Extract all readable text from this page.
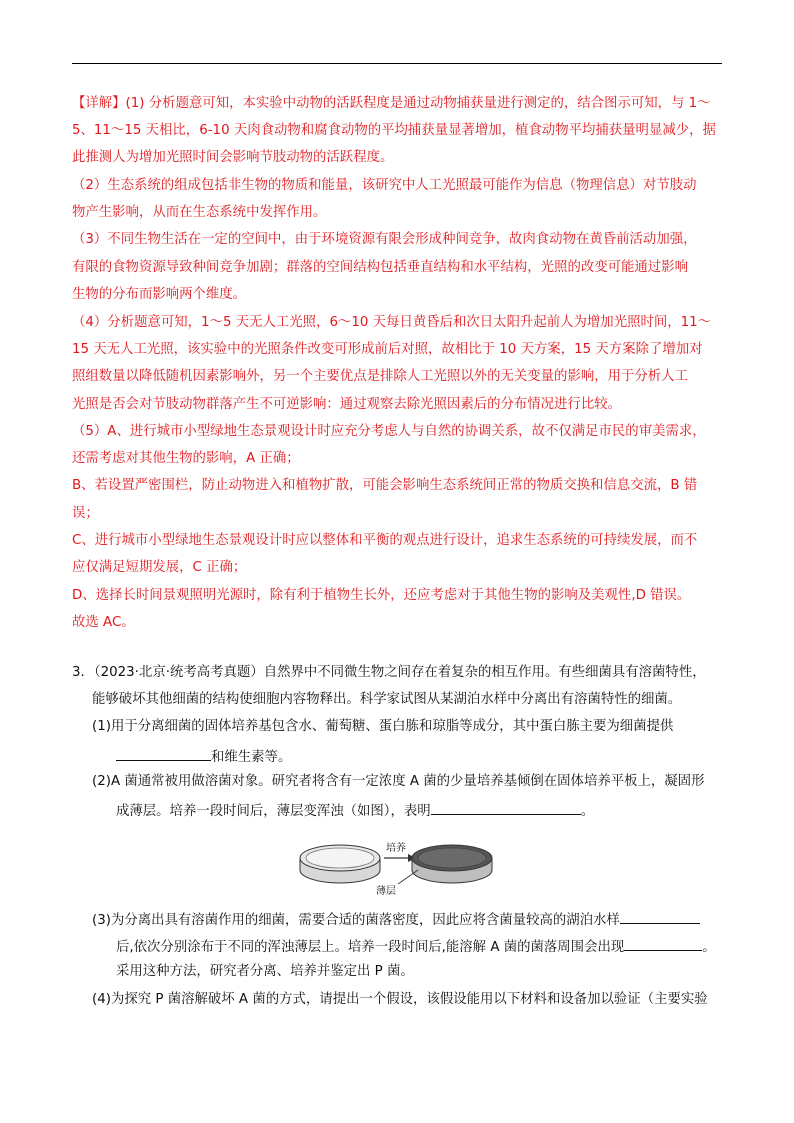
【详解】(1) 分析题意可知，本实验中动物的活跃程度是通过动物捕获量进行测定的，结合图示可知，与 1～
5、11～15 天相比，6-10 天肉食动物和腐食动物的平均捕获量显著增加，植食动物平均捕获量明显减少，据
此推测人为增加光照时间会影响节肢动物的活跃程度。
（2）生态系统的组成包括非生物的物质和能量，该研究中人工光照最可能作为信息（物理信息）对节肢动
物产生影响，从而在生态系统中发挥作用。
（3）不同生物生活在一定的空间中，由于环境资源有限会形成种间竞争，故肉食动物在黄昏前活动加强，
有限的食物资源导致种间竞争加剧；群落的空间结构包括垂直结构和水平结构，光照的改变可能通过影响
生物的分布而影响两个维度。
（4）分析题意可知，1～5 天无人工光照，6～10 天每日黄昏后和次日太阳升起前人为增加光照时间，11～
15 天无人工光照，该实验中的光照条件改变可形成前后对照，故相比于 10 天方案，15 天方案除了增加对
照组数量以降低随机因素影响外，另一个主要优点是排除人工光照以外的无关变量的影响，用于分析人工
光照是否会对节肢动物群落产生不可逆影响：通过观察去除光照因素后的分布情况进行比较。
（5）A、进行城市小型绿地生态景观设计时应充分考虑人与自然的协调关系，故不仅满足市民的审美需求，
还需考虑对其他生物的影响，A 正确；
B、若设置严密围栏，防止动物进入和植物扩散，可能会影响生态系统间正常的物质交换和信息交流，B 错
误；
C、进行城市小型绿地生态景观设计时应以整体和平衡的观点进行设计，追求生态系统的可持续发展，而不
应仅满足短期发展，C 正确；
D、选择长时间景观照明光源时，除有利于植物生长外，还应考虑对于其他生物的影响及美观性,D 错误。
故选 AC。
3．（2023·北京·统考高考真题）自然界中不同微生物之间存在着复杂的相互作用。有些细菌具有溶菌特性，
能够破坏其他细菌的结构使细胞内容物释出。科学家试图从某湖泊水样中分离出有溶菌特性的细菌。
(1)用于分离细菌的固体培养基包含水、葡萄糖、蛋白胨和琼脂等成分，其中蛋白胨主要为细菌提供
和维生素等。
(2)A 菌通常被用做溶菌对象。研究者将含有一定浓度 A 菌的少量培养基倾倒在固体培养平板上，凝固形
成薄层。培养一段时间后，薄层变浑浊（如图），表明	。
培养
薄层
(3)为分离出具有溶菌作用的细菌，需要合适的菌落密度，因此应将含菌量较高的湖泊水样
后,依次分别涂布于不同的浑浊薄层上。培养一段时间后,能溶解 A 菌的菌落周围会出现	。
采用这种方法，研究者分离、培养并鉴定出 P 菌。
(4)为探究 P 菌溶解破坏 A 菌的方式，请提出一个假设，该假设能用以下材料和设备加以验证（主要实验
